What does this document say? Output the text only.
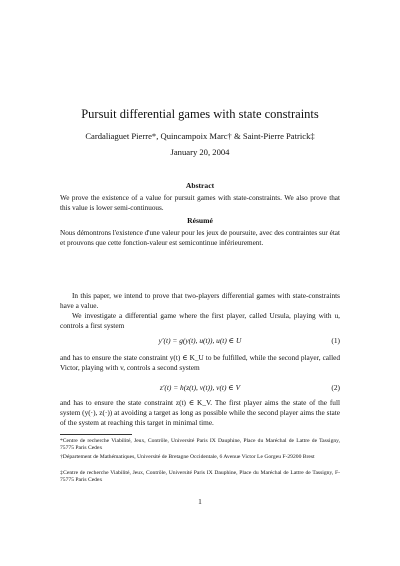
Pursuit differential games with state constraints
Cardaliaguet Pierre*, Quincampoix Marc† & Saint-Pierre Patrick‡
January 20, 2004
Abstract
We prove the existence of a value for pursuit games with state-constraints. We also prove that this value is lower semi-continuous.
Résumé
Nous démontrons l'existence d'une valeur pour les jeux de poursuite, avec des contraintes sur état et prouvons que cette fonction-valeur est semicontinue inférieurement.
In this paper, we intend to prove that two-players differential games with state-constraints have a value.
We investigate a differential game where the first player, called Ursula, playing with u, controls a first system
y′(t) = g(y(t), u(t)), u(t) ∈ U	(1)
and has to ensure the state constraint y(t) ∈ K_U to be fulfilled, while the second player, called Victor, playing with v, controls a second system
z′(t) = h(z(t), v(t)), v(t) ∈ V	(2)
and has to ensure the state constraint z(t) ∈ K_V. The first player aims the state of the full system (y(·), z(·)) at avoiding a target as long as possible while the second player aims the state of the system at reaching this target in minimal time.
*Centre de recherche Viabilité, Jeux, Contrôle, Université Paris IX Dauphine, Place du Maréchal de Lattre de Tassigny, 75775 Paris Cedex
†Département de Mathématiques, Université de Bretagne Occidentale, 6 Avenue Victor Le Gorgeu F-29200 Brest
‡Centre de recherche Viabilité, Jeux, Contrôle, Université Paris IX Dauphine, Place du Maréchal de Lattre de Tassigny, F-75775 Paris Cedex
1
